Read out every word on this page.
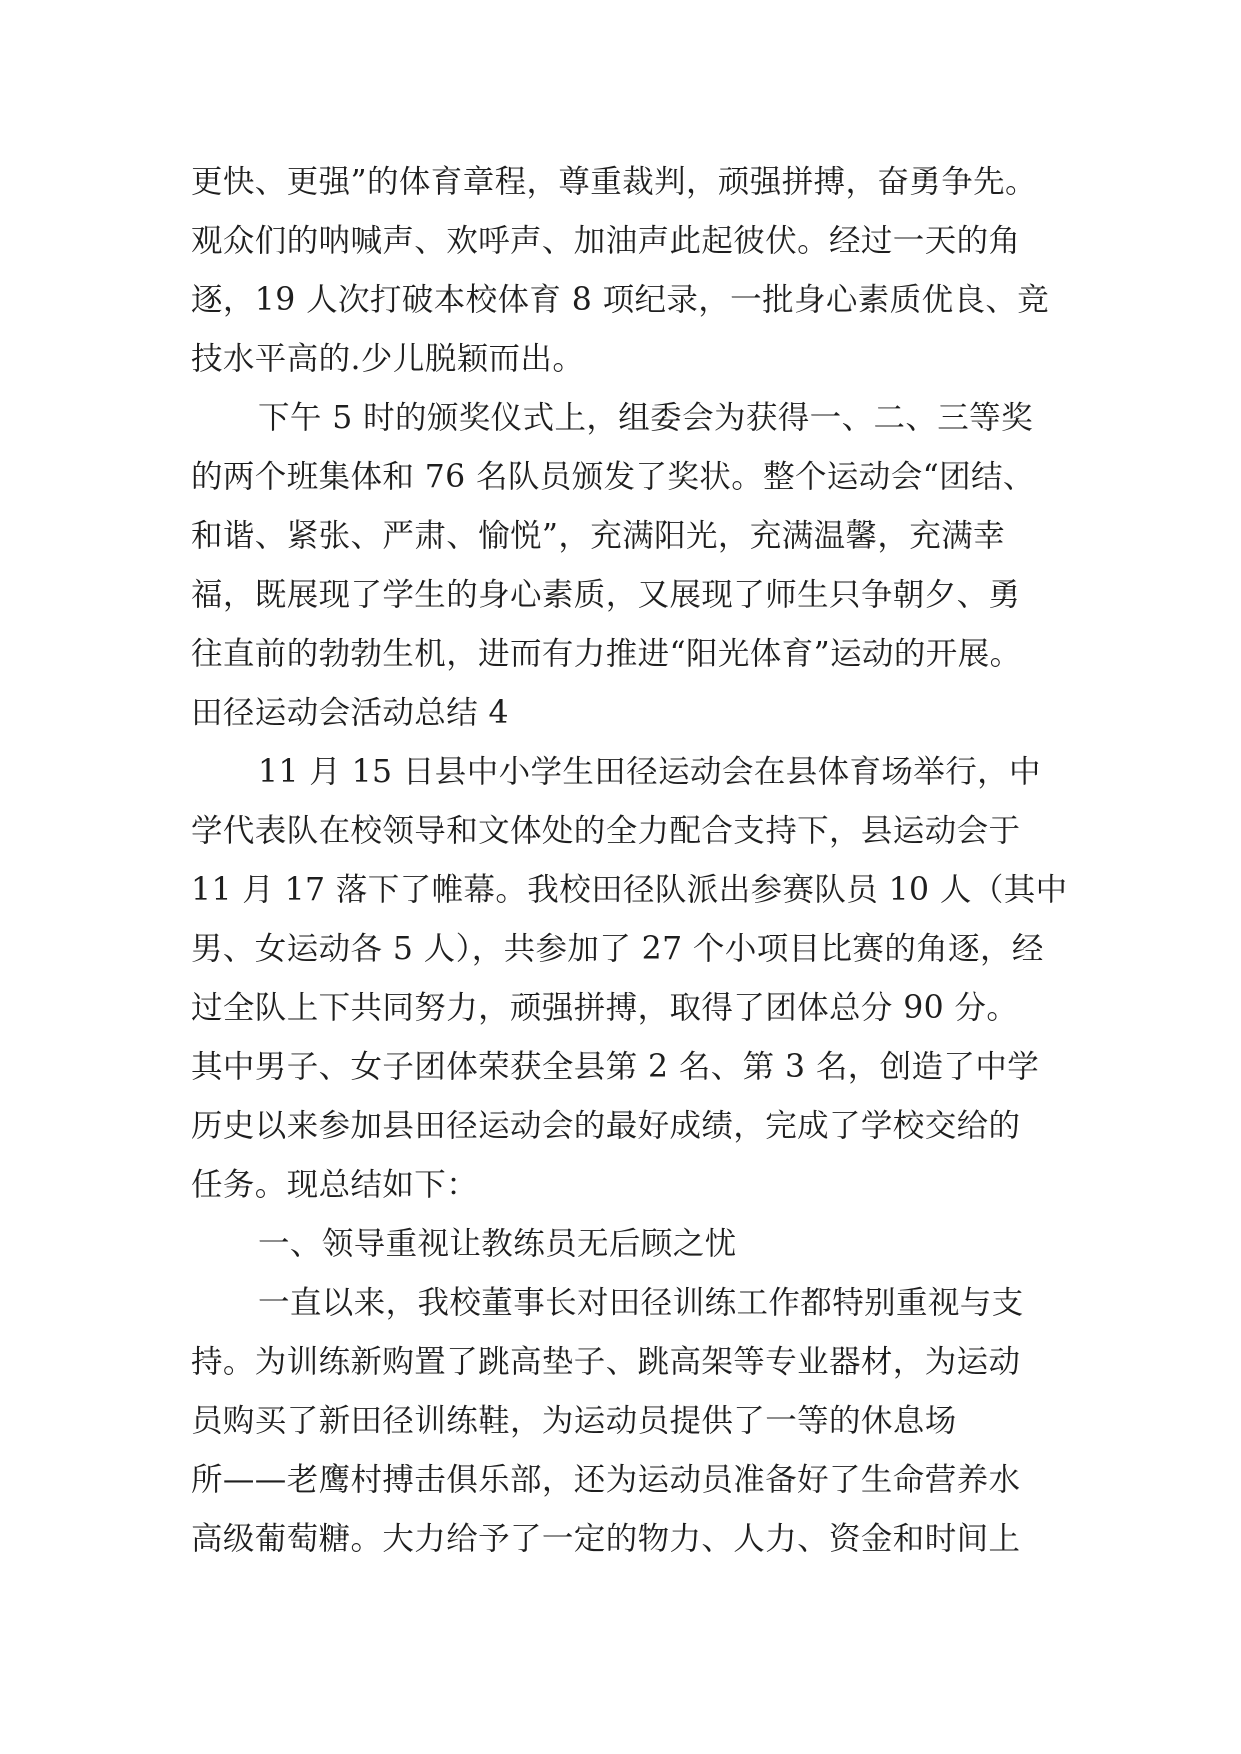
更快、更强”的体育章程，尊重裁判，顽强拼搏，奋勇争先。
观众们的呐喊声、欢呼声、加油声此起彼伏。经过一天的角
逐，19 人次打破本校体育 8 项纪录，一批身心素质优良、竞
技水平高的.少儿脱颖而出。
下午 5 时的颁奖仪式上，组委会为获得一、二、三等奖
的两个班集体和 76 名队员颁发了奖状。整个运动会“团结、
和谐、紧张、严肃、愉悦”，充满阳光，充满温馨，充满幸
福，既展现了学生的身心素质，又展现了师生只争朝夕、勇
往直前的勃勃生机，进而有力推进“阳光体育”运动的开展。
田径运动会活动总结 4
11 月 15 日县中小学生田径运动会在县体育场举行，中
学代表队在校领导和文体处的全力配合支持下，县运动会于
11 月 17 落下了帷幕。我校田径队派出参赛队员 10 人（其中
男、女运动各 5 人），共参加了 27 个小项目比赛的角逐，经
过全队上下共同努力，顽强拼搏，取得了团体总分 90 分。
其中男子、女子团体荣获全县第 2 名、第 3 名，创造了中学
历史以来参加县田径运动会的最好成绩，完成了学校交给的
任务。现总结如下：
一、领导重视让教练员无后顾之忧
一直以来，我校董事长对田径训练工作都特别重视与支
持。为训练新购置了跳高垫子、跳高架等专业器材，为运动
员购买了新田径训练鞋，为运动员提供了一等的休息场
所——老鹰村搏击俱乐部，还为运动员准备好了生命营养水
高级葡萄糖。大力给予了一定的物力、人力、资金和时间上
